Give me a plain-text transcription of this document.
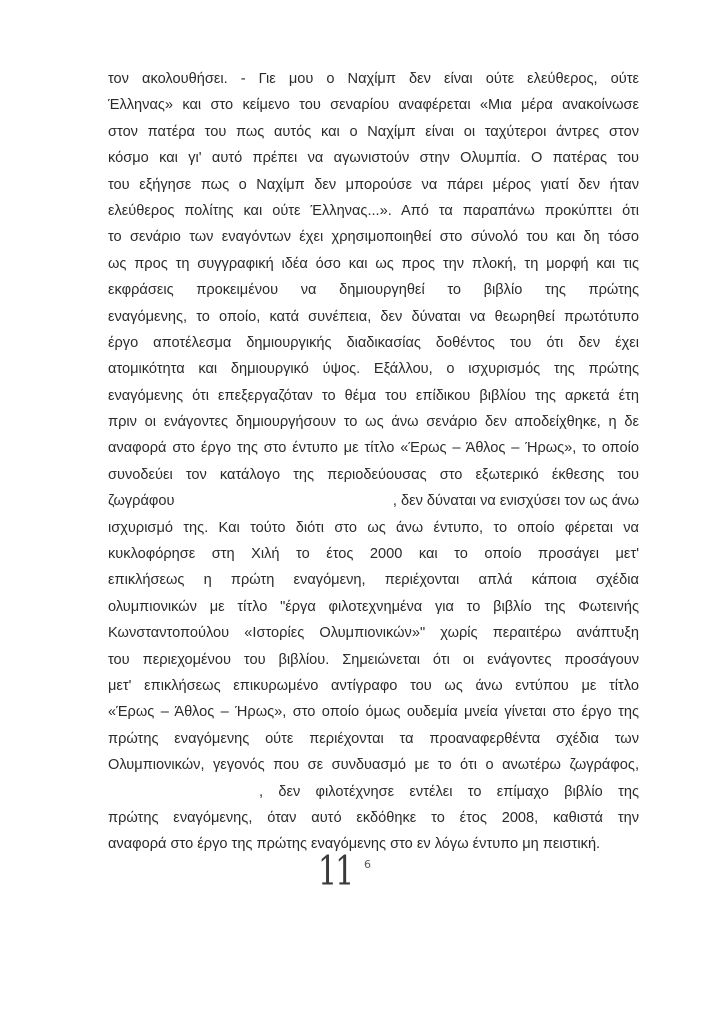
τον ακολουθήσει. - Γιε μου ο Ναχίμπ δεν είναι ούτε ελεύθερος, ούτε
Έλληνας» και στο κείμενο του σεναρίου αναφέρεται «Μια μέρα ανακοίνωσε
στον πατέρα του πως αυτός και ο Ναχίμπ είναι οι ταχύτεροι άντρες στον
κόσμο και γι' αυτό πρέπει να αγωνιστούν στην Ολυμπία. Ο πατέρας του
του εξήγησε πως ο Ναχίμπ δεν μπορούσε να πάρει μέρος γιατί δεν ήταν
ελεύθερος πολίτης και ούτε Έλληνας...». Από τα παραπάνω προκύπτει ότι
το σενάριο των εναγόντων έχει χρησιμοποιηθεί στο σύνολό του και δη τόσο
ως προς τη συγγραφική ιδέα όσο και ως προς την πλοκή, τη μορφή και τις
εκφράσεις προκειμένου να δημιουργηθεί το βιβλίο της πρώτης
εναγόμενης, το οποίο, κατά συνέπεια, δεν δύναται να θεωρηθεί πρωτότυπο
έργο αποτέλεσμα δημιουργικής διαδικασίας δοθέντος του ότι δεν έχει
ατομικότητα και δημιουργικό ύψος. Εξάλλου, ο ισχυρισμός της πρώτης
εναγόμενης ότι επεξεργαζόταν το θέμα του επίδικου βιβλίου της αρκετά έτη
πριν οι ενάγοντες δημιουργήσουν το ως άνω σενάριο δεν αποδείχθηκε, η δε
αναφορά στο έργο της στο έντυπο με τίτλο «Έρως – Άθλος – Ήρως», το οποίο
συνοδεύει τον κατάλογο της περιοδεύουσας στο εξωτερικό έκθεσης του
ζωγράφου	, δεν δύναται να ενισχύσει τον ως άνω
ισχυρισμό της. Και τούτο διότι στο ως άνω έντυπο, το οποίο φέρεται να
κυκλοφόρησε στη Χιλή το έτος 2000 και το οποίο προσάγει μετ'
επικλήσεως η πρώτη εναγόμενη, περιέχονται απλά κάποια σχέδια
ολυμπιονικών με τίτλο "έργα φιλοτεχνημένα για το βιβλίο της Φωτεινής
Κωνσταντοπούλου «Ιστορίες Ολυμπιονικών»" χωρίς περαιτέρω ανάπτυξη
του περιεχομένου του βιβλίου. Σημειώνεται ότι οι ενάγοντες προσάγουν
μετ' επικλήσεως επικυρωμένο αντίγραφο του ως άνω εντύπου με τίτλο
«Έρως – Άθλος – Ήρως», στο οποίο όμως ουδεμία μνεία γίνεται στο έργο της
πρώτης εναγόμενης ούτε περιέχονται τα προαναφερθέντα σχέδια των
Ολυμπιονικών, γεγονός που σε συνδυασμό με το ότι ο ανωτέρω ζωγράφος,
, δεν φιλοτέχνησε εντέλει το επίμαχο βιβλίο της
πρώτης εναγόμενης, όταν αυτό εκδόθηκε το έτος 2008, καθιστά την
αναφορά στο έργο της πρώτης εναγόμενης στο εν λόγω έντυπο μη πειστική.
11 6
